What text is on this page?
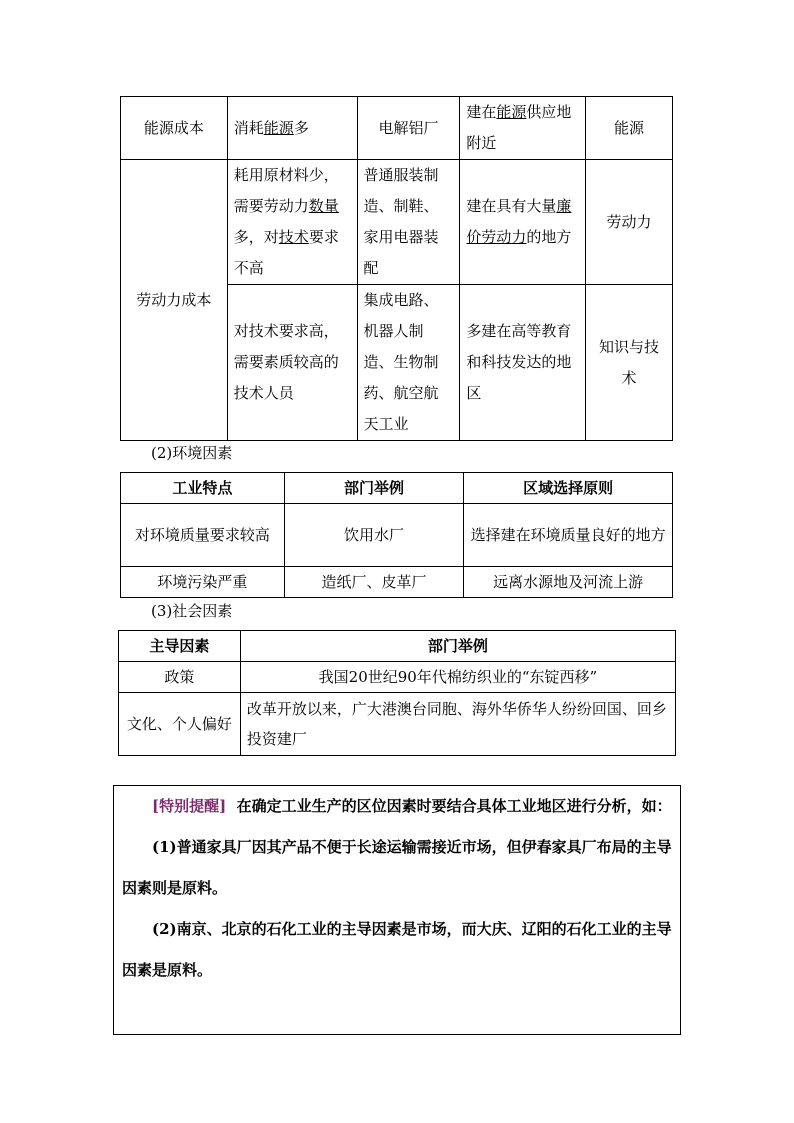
能源成本	消耗能源多	电解铝厂	建在能源供应地附近	能源
劳动力成本	耗用原材料少，需要劳动力数量多，对技术要求不高	普通服装制造、制鞋、家用电器装配	建在具有大量廉价劳动力的地方	劳动力
	对技术要求高，需要素质较高的技术人员	集成电路、机器人制造、生物制药、航空航天工业	多建在高等教育和科技发达的地区	知识与技术
(2)环境因素
工业特点	部门举例	区域选择原则
对环境质量要求较高	饮用水厂	选择建在环境质量良好的地方
环境污染严重	造纸厂、皮革厂	远离水源地及河流上游
(3)社会因素
主导因素	部门举例
政策	我国20世纪90年代棉纺织业的“东锭西移”
文化、个人偏好	改革开放以来，广大港澳台同胞、海外华侨华人纷纷回国、回乡投资建厂

[特别提醒] 在确定工业生产的区位因素时要结合具体工业地区进行分析，如：

(1)普通家具厂因其产品不便于长途运输需接近市场，但伊春家具厂布局的主导因素则是原料。

(2)南京、北京的石化工业的主导因素是市场，而大庆、辽阳的石化工业的主导因素是原料。
